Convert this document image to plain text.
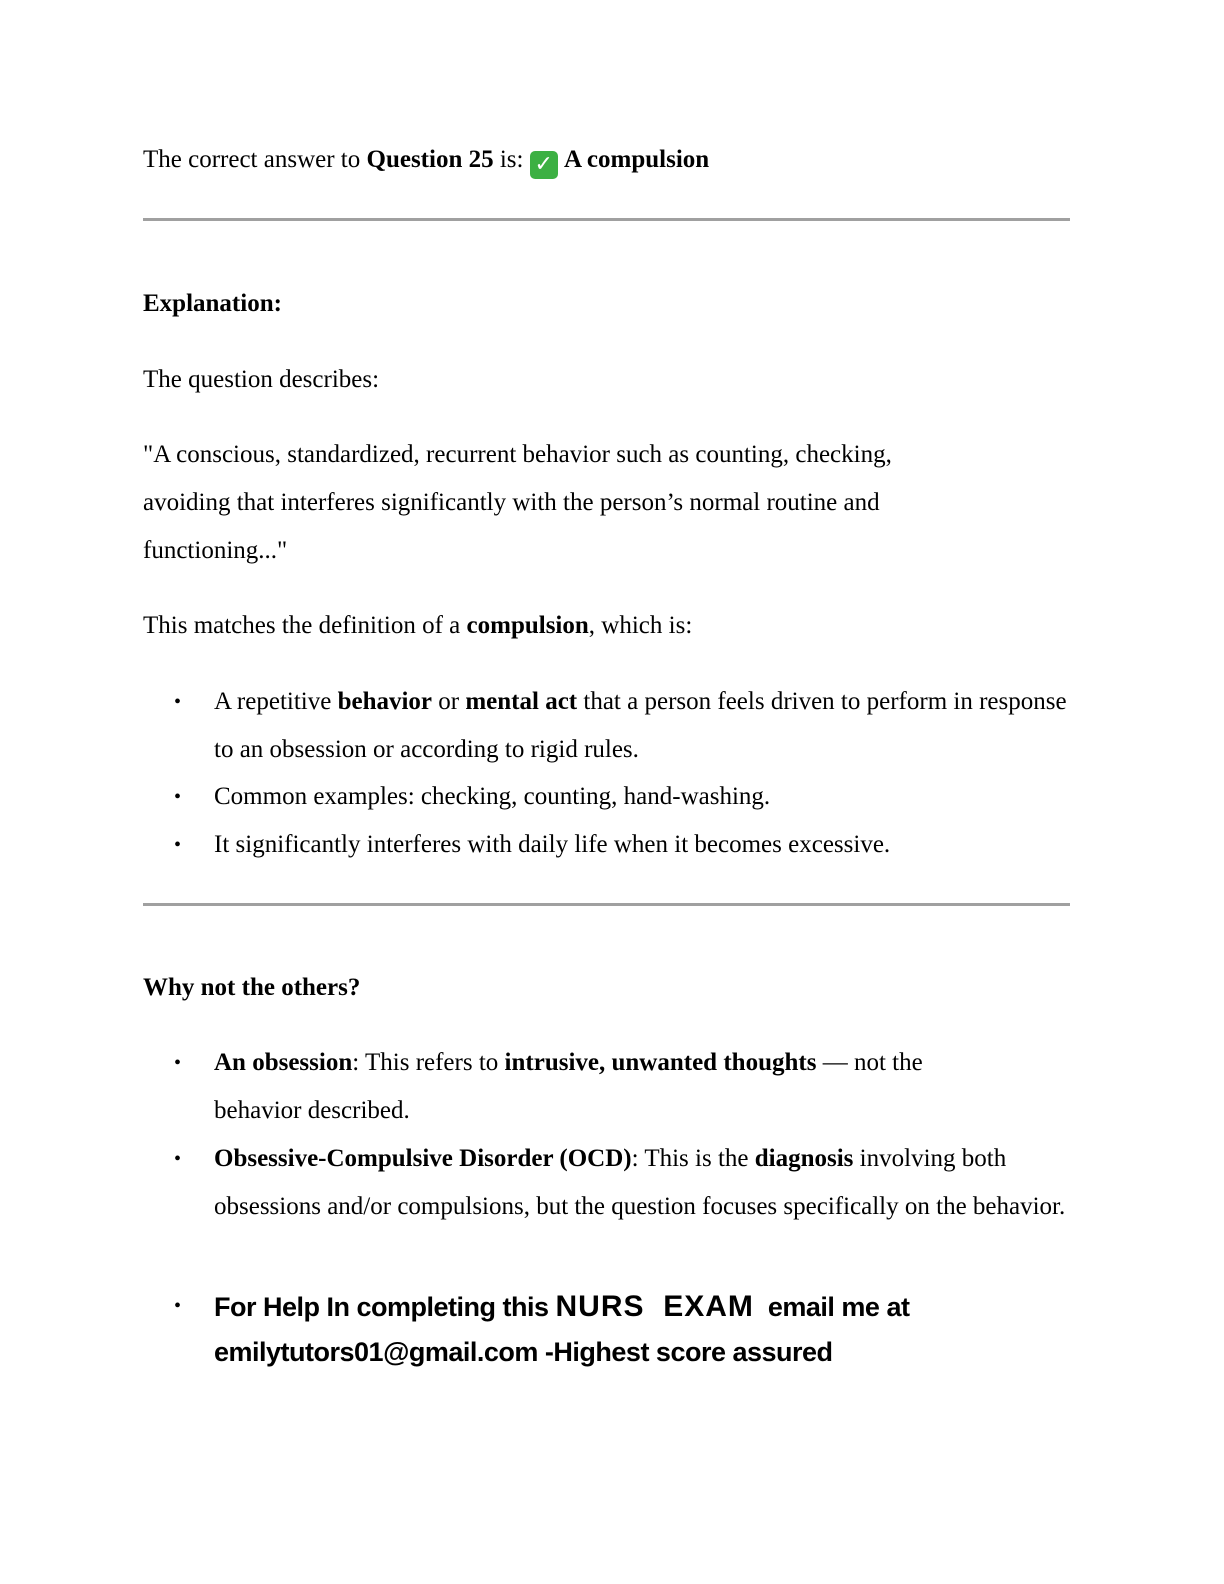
The correct answer to Question 25 is: ✓ A compulsion
Explanation:
The question describes:
"A conscious, standardized, recurrent behavior such as counting, checking, avoiding that interferes significantly with the person’s normal routine and functioning..."
This matches the definition of a compulsion, which is:
• A repetitive behavior or mental act that a person feels driven to perform in response to an obsession or according to rigid rules.
• Common examples: checking, counting, hand-washing.
• It significantly interferes with daily life when it becomes excessive.
Why not the others?
• An obsession: This refers to intrusive, unwanted thoughts — not the behavior described.
• Obsessive-Compulsive Disorder (OCD): This is the diagnosis involving both obsessions and/or compulsions, but the question focuses specifically on the behavior.
• For Help In completing this NURS  EXAM  email me at emilytutors01@gmail.com -Highest score assured
